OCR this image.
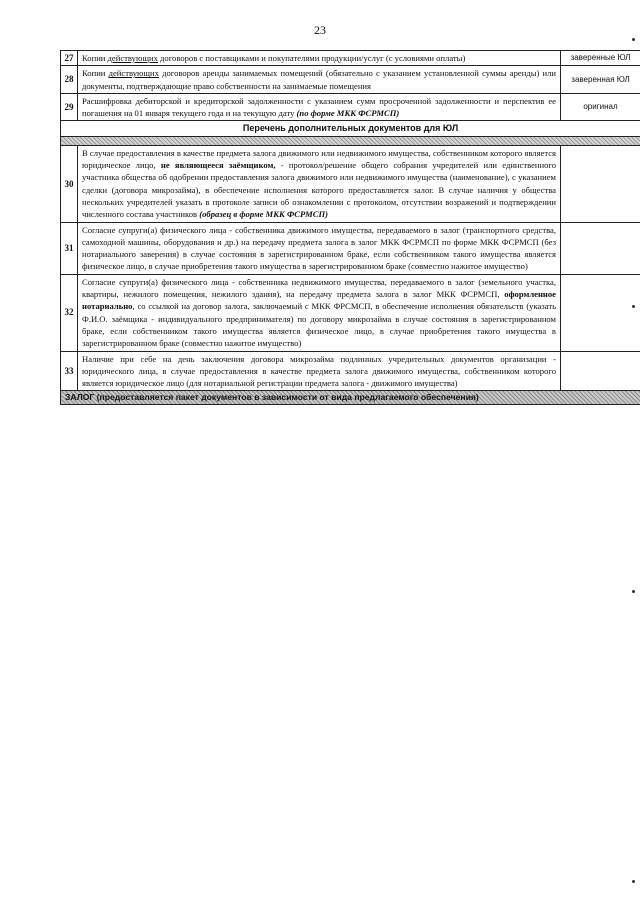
23
27	Копии действующих договоров с поставщиками и покупателями продукции/услуг (с условиями оплаты)	заверенные ЮЛ
28	Копии действующих договоров аренды занимаемых помещений (обязательно с указанием установленной суммы аренды) или документы, подтверждающие право собственности на занимаемые помещения	заверенная ЮЛ
29	Расшифровка дебиторской и кредиторской задолженности с указанием сумм просроченной задолженности и перспектив ее погашения на 01 января текущего года и на текущую дату (по форме МКК ФСРМСП)	оригинал
Перечень дополнительных документов для ЮЛ		

30	В случае предоставления в качестве предмета залога движимого или недвижимого имущества, собственником которого является юридическое лицо, не являющееся заёмщиком, - протокол/решение общего собрания учредителей или единственного участника общества об одобрении предоставления залога движимого или недвижимого имущества (наименование), с указанием сделки (договора микрозайма), в обеспечение исполнения которого предоставляется залог. В случае наличия у общества нескольких учредителей указать в протоколе записи об ознакомлении с протоколом, отсутствии возражений и подтверждении численного состава участников (образец в форме МКК ФСРМСП)	
31	Согласие супруги(а) физического лица - собственника движимого имущества, передаваемого в залог (транспортного средства, самоходной машины, оборудования и др.) на передачу предмета залога в залог МКК ФСРМСП по форме МКК ФСРМСП (без нотариального заверения) в случае состояния в зарегистрированном браке, если собственником такого имущества является физическое лицо, в случае приобретения такого имущества в зарегистрированном браке (совместно нажитое имущество)	
32	Согласие супруги(а) физического лица - собственника недвижимого имущества, передаваемого в залог (земельного участка, квартиры, нежилого помещения, нежилого здания), на передачу предмета залога в залог МКК ФСРМСП, оформленное нотариально, со ссылкой на договор залога, заключаемый с МКК ФРСМСП, в обеспечение исполнения обязательств (указать Ф.И.О. заёмщика - индивидуального предпринимателя) по договору микрозайма в случае состояния в зарегистрированном браке, если собственником такого имущества является физическое лицо, в случае приобретения такого имущества в зарегистрированном браке (совместно нажитое имущество)	
33	Наличие при себе на день заключения договора микрозайма подлинных учредительных документов организации - юридического лица, в случае предоставления в качестве предмета залога движимого имущества, собственником которого является юридическое лицо (для нотариальной регистрации предмета залога - движимого имущества)	
ЗАЛОГ (предоставляется пакет документов в зависимости от вида предлагаемого обеспечения)		
